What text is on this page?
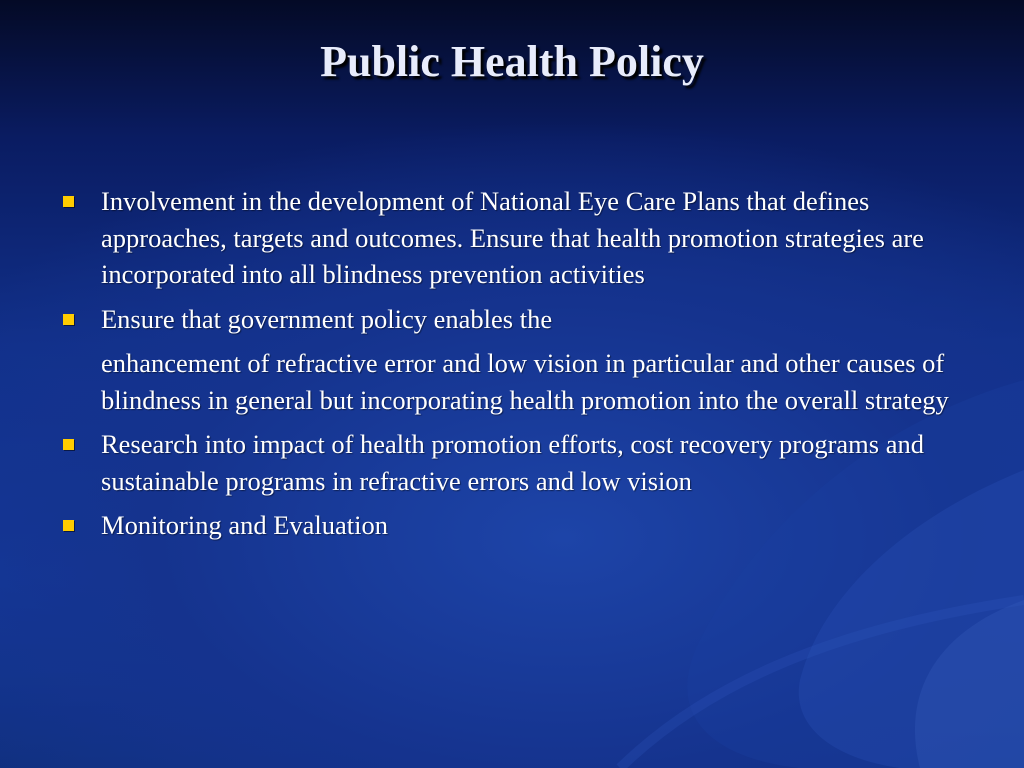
Public Health Policy
Involvement in the development of National Eye Care Plans that defines approaches, targets and outcomes. Ensure that health promotion strategies are incorporated into all blindness prevention activities
Ensure that government policy enables the
enhancement of refractive error and low vision in particular and other causes of blindness in general but incorporating health promotion into the overall strategy
Research into impact of health promotion efforts, cost recovery programs and sustainable programs in refractive errors and low vision
Monitoring and Evaluation
